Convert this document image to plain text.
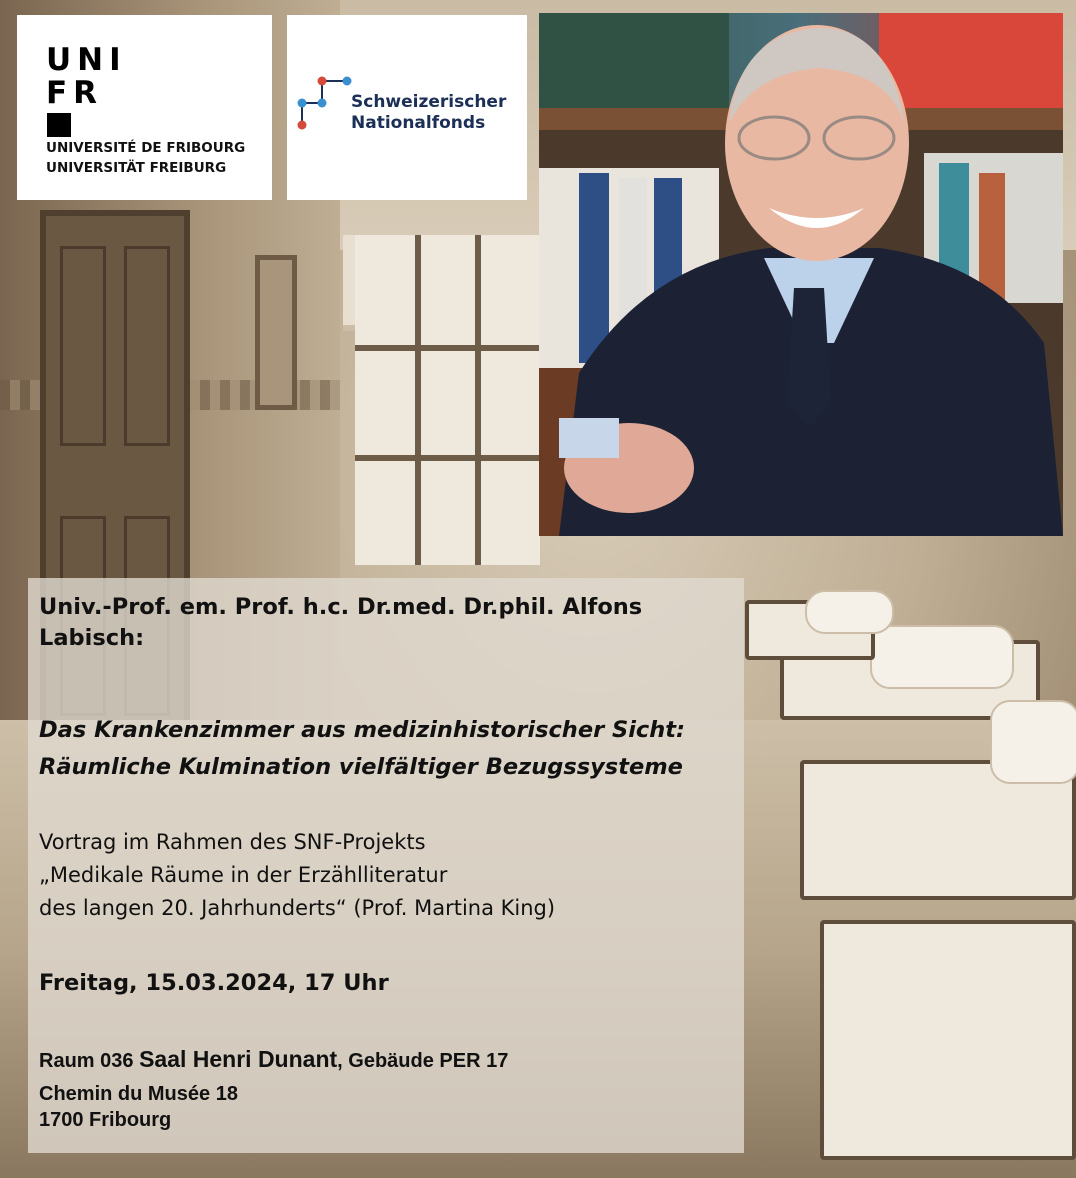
UNI
FR
UNIVERSITÉ DE FRIBOURG
UNIVERSITÄT FREIBURG
Schweizerischer
Nationalfonds
Univ.-Prof. em. Prof. h.c. Dr.med. Dr.phil. Alfons Labisch:
Das Krankenzimmer aus medizinhistorischer Sicht:
Räumliche Kulmination vielfältiger Bezugssysteme
Vortrag im Rahmen des SNF-Projekts
„Medikale Räume in der Erzählliteratur
des langen 20. Jahrhunderts“ (Prof. Martina King)
Freitag, 15.03.2024, 17 Uhr
Raum 036 Saal Henri Dunant, Gebäude PER 17
Chemin du Musée 18
1700 Fribourg
